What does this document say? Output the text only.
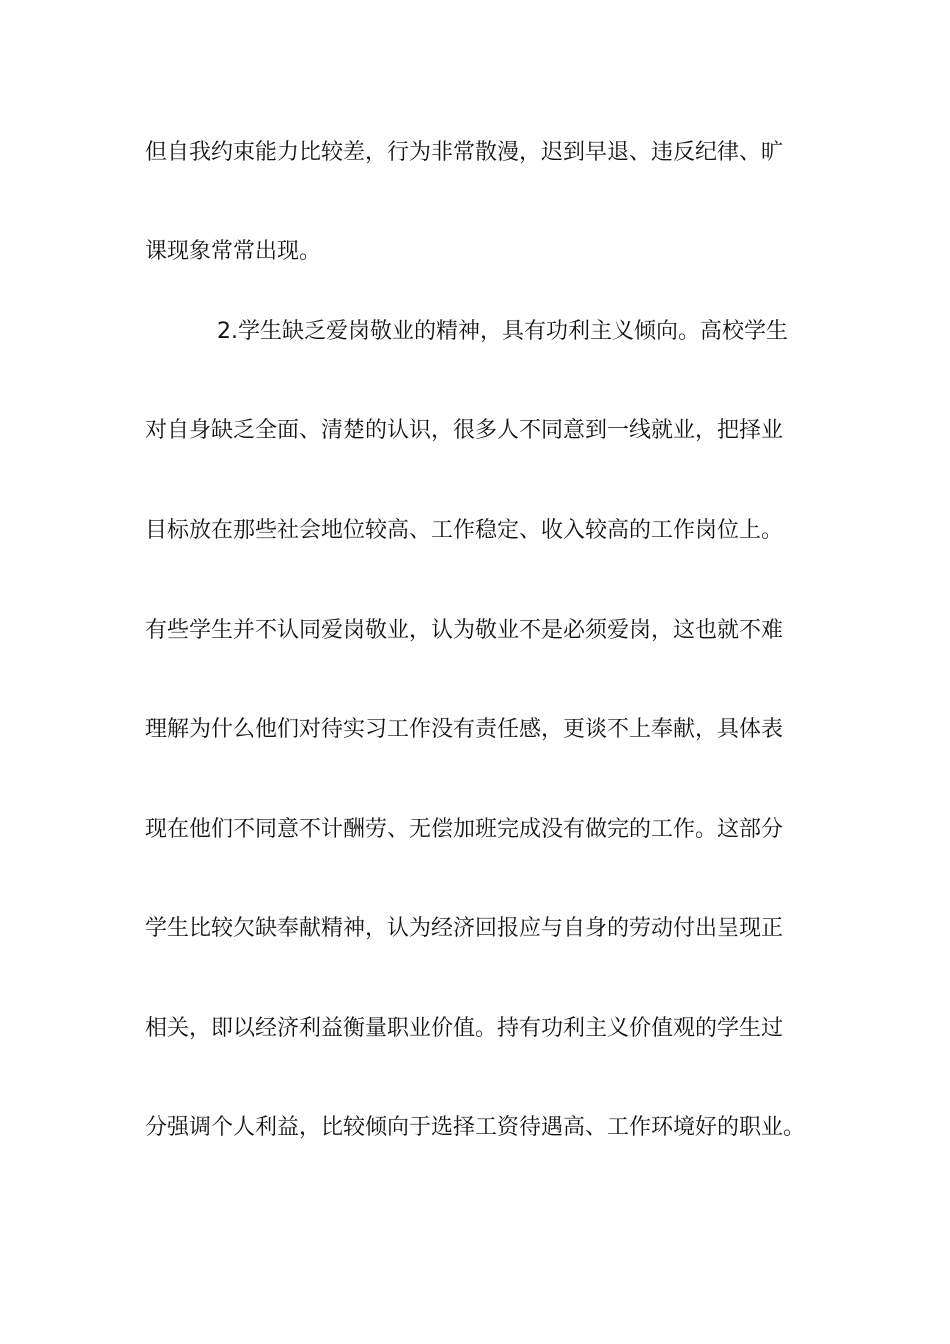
但自我约束能力比较差，行为非常散漫，迟到早退、违反纪律、旷
课现象常常出现。
2.学生缺乏爱岗敬业的精神，具有功利主义倾向。高校学生
对自身缺乏全面、清楚的认识，很多人不同意到一线就业，把择业
目标放在那些社会地位较高、工作稳定、收入较高的工作岗位上。
有些学生并不认同爱岗敬业，认为敬业不是必须爱岗，这也就不难
理解为什么他们对待实习工作没有责任感，更谈不上奉献，具体表
现在他们不同意不计酬劳、无偿加班完成没有做完的工作。这部分
学生比较欠缺奉献精神，认为经济回报应与自身的劳动付出呈现正
相关，即以经济利益衡量职业价值。持有功利主义价值观的学生过
分强调个人利益，比较倾向于选择工资待遇高、工作环境好的职业。
